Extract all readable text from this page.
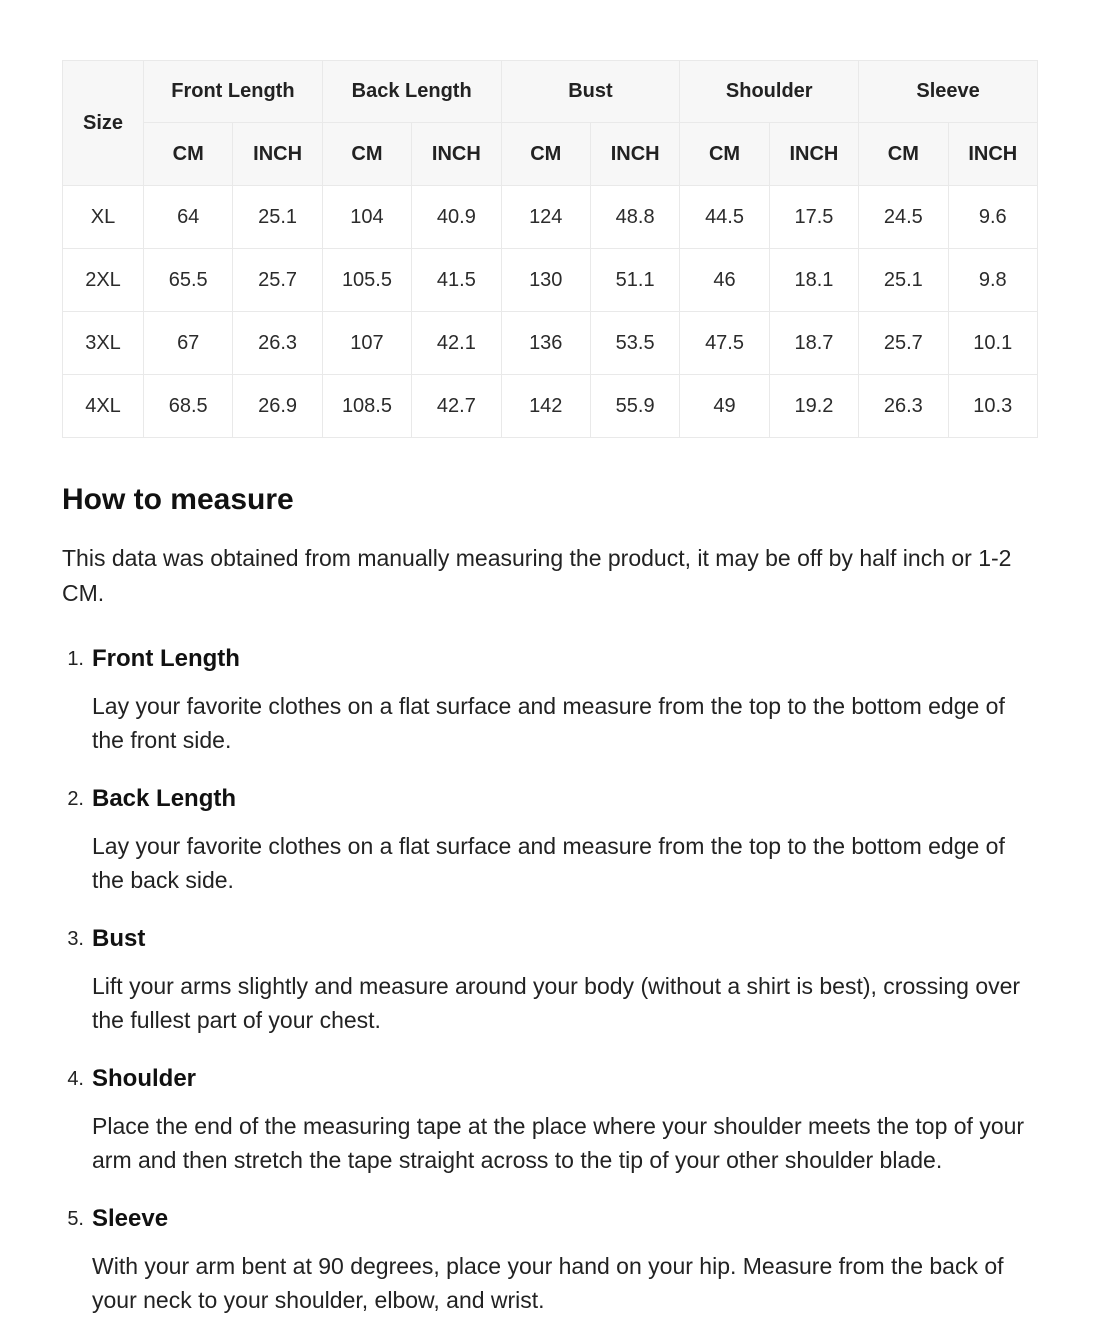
Size	Front Length		Back Length		Bust		Shoulder		Sleeve	
	CM	INCH	CM	INCH	CM	INCH	CM	INCH	CM	INCH
XL	64	25.1	104	40.9	124	48.8	44.5	17.5	24.5	9.6
2XL	65.5	25.7	105.5	41.5	130	51.1	46	18.1	25.1	9.8
3XL	67	26.3	107	42.1	136	53.5	47.5	18.7	25.7	10.1
4XL	68.5	26.9	108.5	42.7	142	55.9	49	19.2	26.3	10.3
How to measure

This data was obtained from manually measuring the product, it may be off by half inch or 1-2 CM.

1. Front Length

Lay your favorite clothes on a flat surface and measure from the top to the bottom edge of the front side.

2. Back Length

Lay your favorite clothes on a flat surface and measure from the top to the bottom edge of the back side.

3. Bust

Lift your arms slightly and measure around your body (without a shirt is best), crossing over the fullest part of your chest.

4. Shoulder

Place the end of the measuring tape at the place where your shoulder meets the top of your arm and then stretch the tape straight across to the tip of your other shoulder blade.

5. Sleeve

With your arm bent at 90 degrees, place your hand on your hip. Measure from the back of your neck to your shoulder, elbow, and wrist.
